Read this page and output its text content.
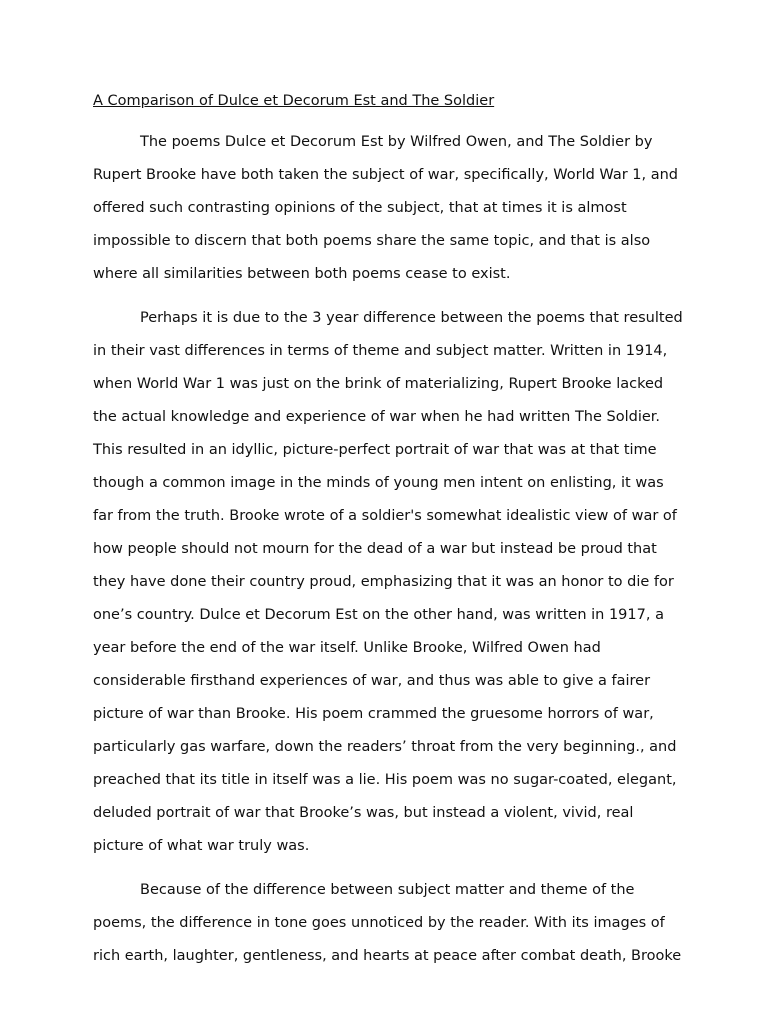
A Comparison of Dulce et Decorum Est and The Soldier

The poems Dulce et Decorum Est by Wilfred Owen, and The Soldier by
Rupert Brooke have both taken the subject of war, specifically, World War 1, and
offered such contrasting opinions of the subject, that at times it is almost
impossible to discern that both poems share the same topic, and that is also
where all similarities between both poems cease to exist.

Perhaps it is due to the 3 year difference between the poems that resulted
in their vast differences in terms of theme and subject matter. Written in 1914,
when World War 1 was just on the brink of materializing, Rupert Brooke lacked
the actual knowledge and experience of war when he had written The Soldier.
This resulted in an idyllic, picture-perfect portrait of war that was at that time
though a common image in the minds of young men intent on enlisting, it was
far from the truth. Brooke wrote of a soldier's somewhat idealistic view of war of
how people should not mourn for the dead of a war but instead be proud that
they have done their country proud, emphasizing that it was an honor to die for
one’s country. Dulce et Decorum Est on the other hand, was written in 1917, a
year before the end of the war itself. Unlike Brooke, Wilfred Owen had
considerable firsthand experiences of war, and thus was able to give a fairer
picture of war than Brooke. His poem crammed the gruesome horrors of war,
particularly gas warfare, down the readers’ throat from the very beginning., and
preached that its title in itself was a lie. His poem was no sugar-coated, elegant,
deluded portrait of war that Brooke’s was, but instead a violent, vivid, real
picture of what war truly was.

Because of the difference between subject matter and theme of the
poems, the difference in tone goes unnoticed by the reader. With its images of
rich earth, laughter, gentleness, and hearts at peace after combat death, Brooke
